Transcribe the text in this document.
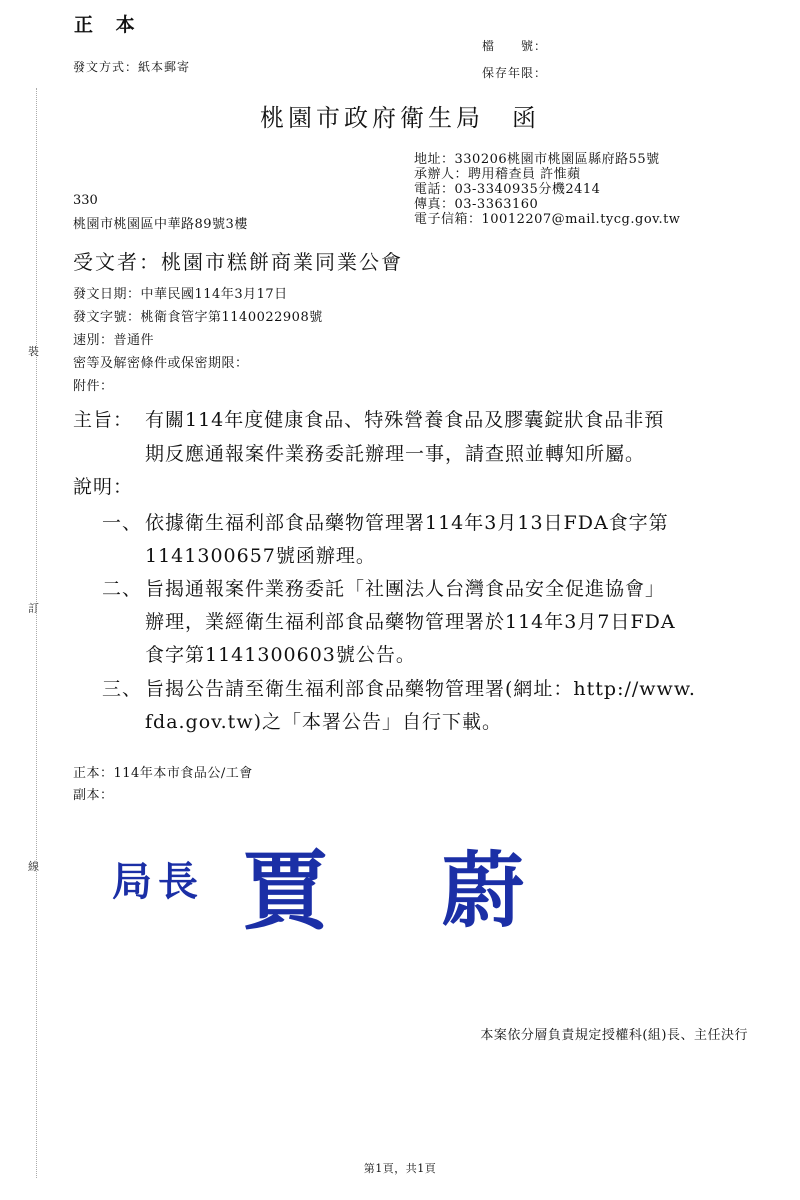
裝
訂
線
正 本
發文方式：紙本郵寄
檔　　號：
保存年限：
桃園市政府衛生局　函
地址：330206桃園市桃園區縣府路55號
承辦人：聘用稽查員 許惟蘋
電話：03-3340935分機2414
傳真：03-3363160
電子信箱：10012207@mail.tycg.gov.tw
330
桃園市桃園區中華路89號3樓
受文者：桃園市糕餅商業同業公會
發文日期：中華民國114年3月17日
發文字號：桃衛食管字第1140022908號
速別：普通件
密等及解密條件或保密期限：
附件：
主旨： 有關114年度健康食品、特殊營養食品及膠囊錠狀食品非預
期反應通報案件業務委託辦理一事，請查照並轉知所屬。
說明：
一、 依據衛生福利部食品藥物管理署114年3月13日FDA食字第
1141300657號函辦理。
二、 旨揭通報案件業務委託「社團法人台灣食品安全促進協會」
辦理，業經衛生福利部食品藥物管理署於114年3月7日FDA
食字第1141300603號公告。
三、 旨揭公告請至衛生福利部食品藥物管理署(網址：http://www.
fda.gov.tw)之「本署公告」自行下載。
正本：114年本市食品公/工會
副本：
局長 賈 蔚
本案依分層負責規定授權科(組)長、主任決行
第1頁，共1頁
